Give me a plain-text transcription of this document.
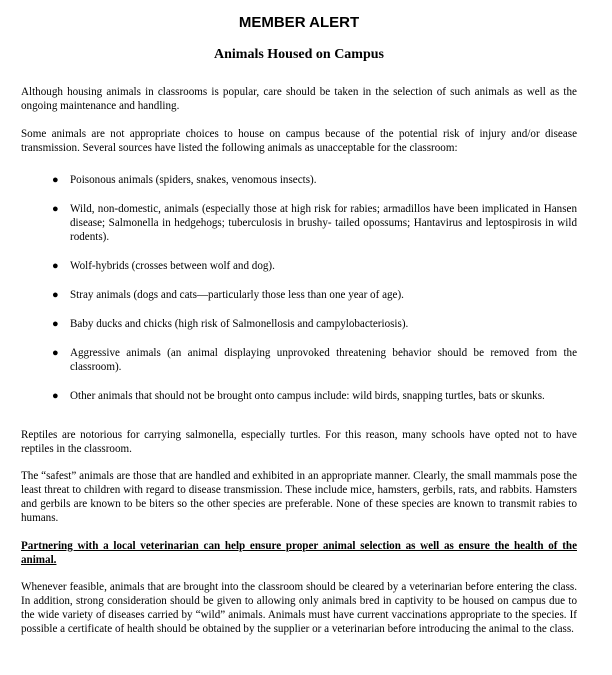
MEMBER ALERT
Animals Housed on Campus

Although housing animals in classrooms is popular, care should be taken in the selection of such animals as well as the ongoing maintenance and handling.

Some animals are not appropriate choices to house on campus because of the potential risk of injury and/or disease transmission. Several sources have listed the following animals as unacceptable for the classroom:

● Poisonous animals (spiders, snakes, venomous insects).
● Wild, non-domestic, animals (especially those at high risk for rabies; armadillos have been implicated in Hansen disease; Salmonella in hedgehogs; tuberculosis in brushy- tailed opossums; Hantavirus and leptospirosis in wild rodents).
● Wolf-hybrids (crosses between wolf and dog).
● Stray animals (dogs and cats—particularly those less than one year of age).
● Baby ducks and chicks (high risk of Salmonellosis and campylobacteriosis).
● Aggressive animals (an animal displaying unprovoked threatening behavior should be removed from the classroom).
● Other animals that should not be brought onto campus include: wild birds, snapping turtles, bats or skunks.

Reptiles are notorious for carrying salmonella, especially turtles. For this reason, many schools have opted not to have reptiles in the classroom.

The “safest” animals are those that are handled and exhibited in an appropriate manner. Clearly, the small mammals pose the least threat to children with regard to disease transmission. These include mice, hamsters, gerbils, rats, and rabbits. Hamsters and gerbils are known to be biters so the other species are preferable. None of these species are known to transmit rabies to humans.

Partnering with a local veterinarian can help ensure proper animal selection as well as ensure the health of the animal.

Whenever feasible, animals that are brought into the classroom should be cleared by a veterinarian before entering the class. In addition, strong consideration should be given to allowing only animals bred in captivity to be housed on campus due to the wide variety of diseases carried by “wild” animals. Animals must have current vaccinations appropriate to the species. If possible a certificate of health should be obtained by the supplier or a veterinarian before introducing the animal to the class.
